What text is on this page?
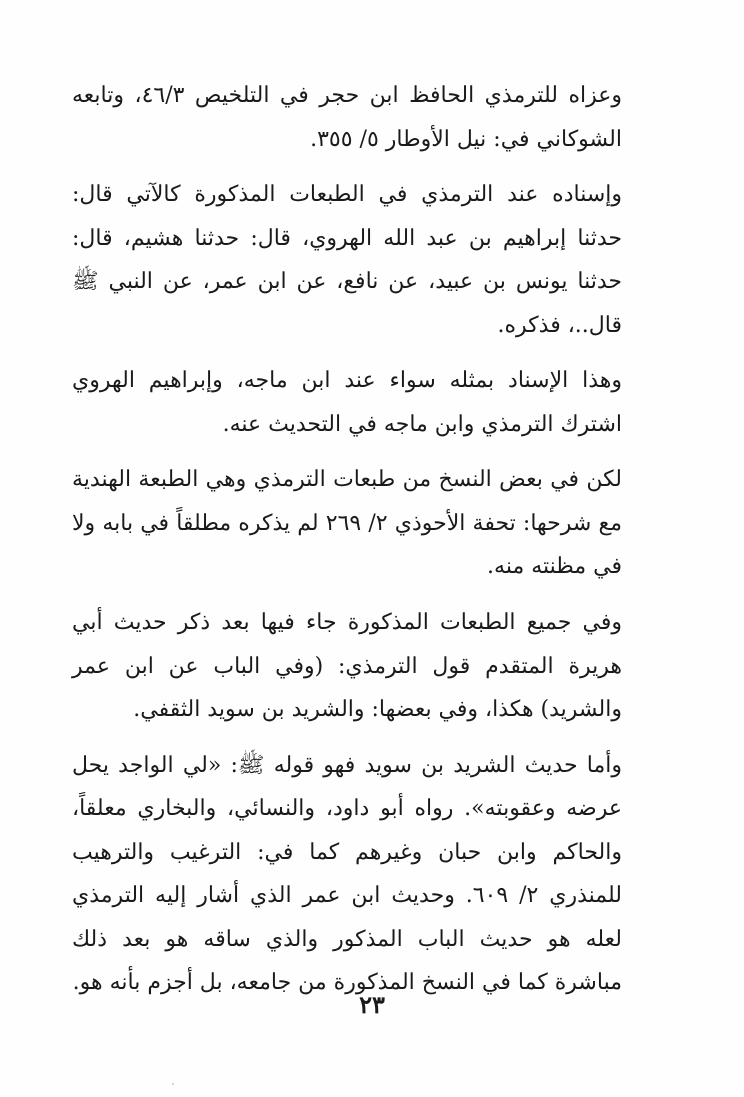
وعزاه للترمذي الحافظ ابن حجر في التلخيص ٤٦/٣، وتابعه الشوكاني في: نيل الأوطار ٥/ ٣٥٥.

وإسناده عند الترمذي في الطبعات المذكورة كالآتي قال: حدثنا إبراهيم بن عبد الله الهروي، قال: حدثنا هشيم، قال: حدثنا يونس بن عبيد، عن نافع، عن ابن عمر، عن النبي ﷺ قال..، فذكره.

وهذا الإسناد بمثله سواء عند ابن ماجه، وإبراهيم الهروي اشترك الترمذي وابن ماجه في التحديث عنه.

لكن في بعض النسخ من طبعات الترمذي وهي الطبعة الهندية مع شرحها: تحفة الأحوذي ٢/ ٢٦٩ لم يذكره مطلقاً في بابه ولا في مظنته منه.

وفي جميع الطبعات المذكورة جاء فيها بعد ذكر حديث أبي هريرة المتقدم قول الترمذي: (وفي الباب عن ابن عمر والشريد) هكذا، وفي بعضها: والشريد بن سويد الثقفي.

وأما حديث الشريد بن سويد فهو قوله ﷺ: «لي الواجد يحل عرضه وعقوبته». رواه أبو داود، والنسائي، والبخاري معلقاً، والحاكم وابن حبان وغيرهم كما في: الترغيب والترهيب للمنذري ٢/ ٦٠٩. وحديث ابن عمر الذي أشار إليه الترمذي لعله هو حديث الباب المذكور والذي ساقه هو بعد ذلك مباشرة كما في النسخ المذكورة من جامعه، بل أجزم بأنه هو.

٢٣
